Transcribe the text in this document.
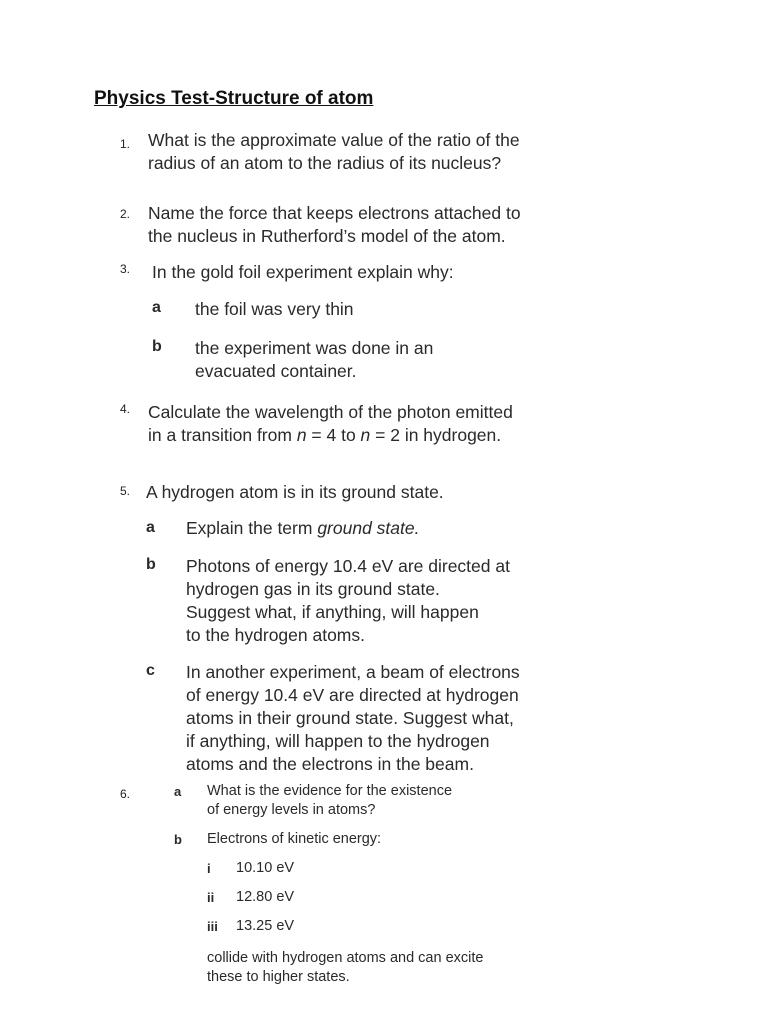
Physics Test-Structure of atom
1. What is the approximate value of the ratio of the
radius of an atom to the radius of its nucleus?
2. Name the force that keeps electrons attached to
the nucleus in Rutherford’s model of the atom.
3. In the gold foil experiment explain why:
a the foil was very thin
b the experiment was done in an
evacuated container.
4. Calculate the wavelength of the photon emitted
in a transition from n = 4 to n = 2 in hydrogen.
5. A hydrogen atom is in its ground state.
a Explain the term ground state.
b Photons of energy 10.4 eV are directed at
hydrogen gas in its ground state.
Suggest what, if anything, will happen
to the hydrogen atoms.
c In another experiment, a beam of electrons
of energy 10.4 eV are directed at hydrogen
atoms in their ground state. Suggest what,
if anything, will happen to the hydrogen
atoms and the electrons in the beam.
6.	a What is the evidence for the existence
of energy levels in atoms?
b Electrons of kinetic energy:
i 10.10 eV
ii 12.80 eV
iii 13.25 eV
collide with hydrogen atoms and can excite
these to higher states.
